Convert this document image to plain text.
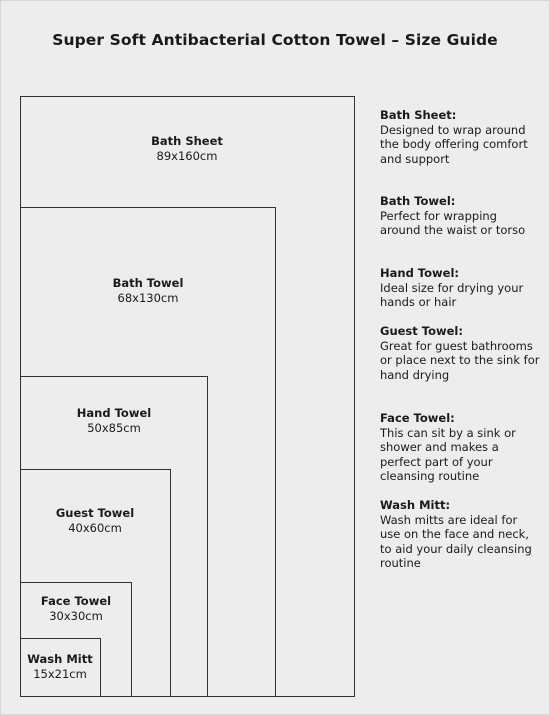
Super Soft Antibacterial Cotton Towel – Size Guide
Bath Sheet
89x160cm
Bath Towel
68x130cm
Hand Towel
50x85cm
Guest Towel
40x60cm
Face Towel
30x30cm
Wash Mitt
15x21cm
Bath Sheet:
Designed to wrap around the body offering comfort and support
Bath Towel:
Perfect for wrapping around the waist or torso
Hand Towel:
Ideal size for drying your hands or hair
Guest Towel:
Great for guest bathrooms or place next to the sink for hand drying
Face Towel:
This can sit by a sink or shower and makes a perfect part of your cleansing routine
Wash Mitt:
Wash mitts are ideal for use on the face and neck, to aid your daily cleansing routine
